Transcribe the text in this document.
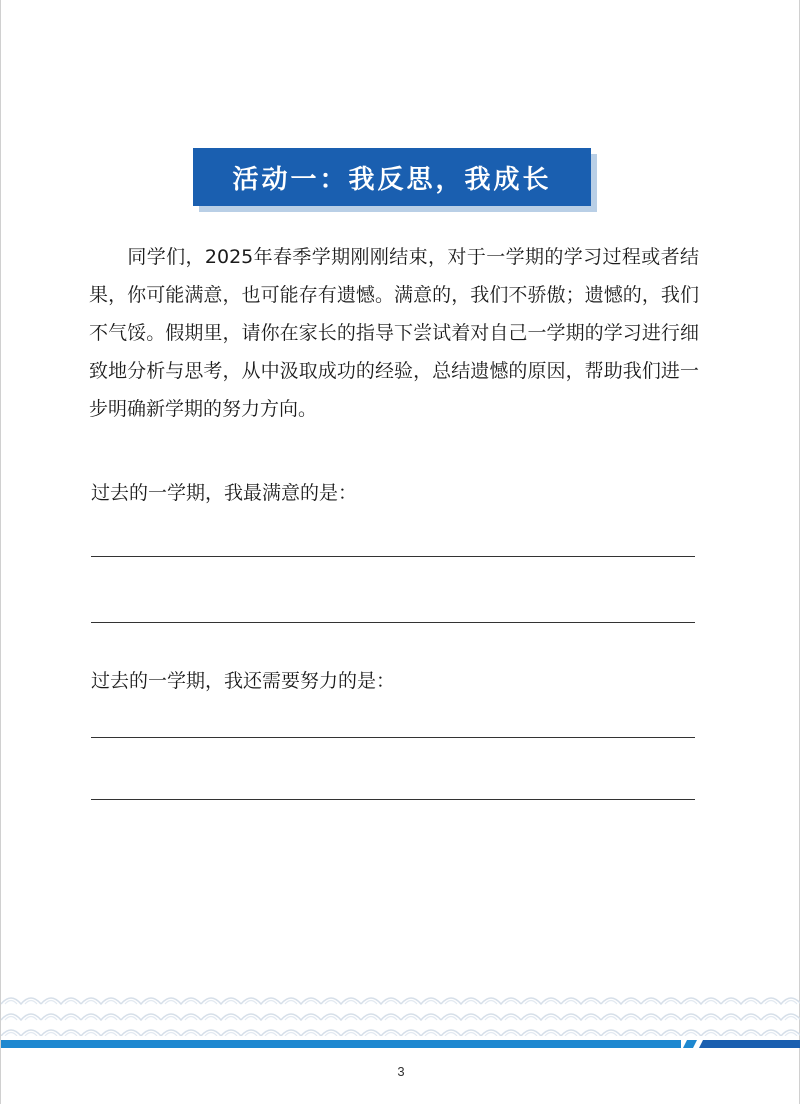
活动一：我反思，我成长

同学们，2025年春季学期刚刚结束，对于一学期的学习过程或者结果，你可能满意，也可能存有遗憾。满意的，我们不骄傲；遗憾的，我们不气馁。假期里，请你在家长的指导下尝试着对自己一学期的学习进行细致地分析与思考，从中汲取成功的经验，总结遗憾的原因，帮助我们进一步明确新学期的努力方向。

过去的一学期，我最满意的是：

过去的一学期，我还需要努力的是：

3
